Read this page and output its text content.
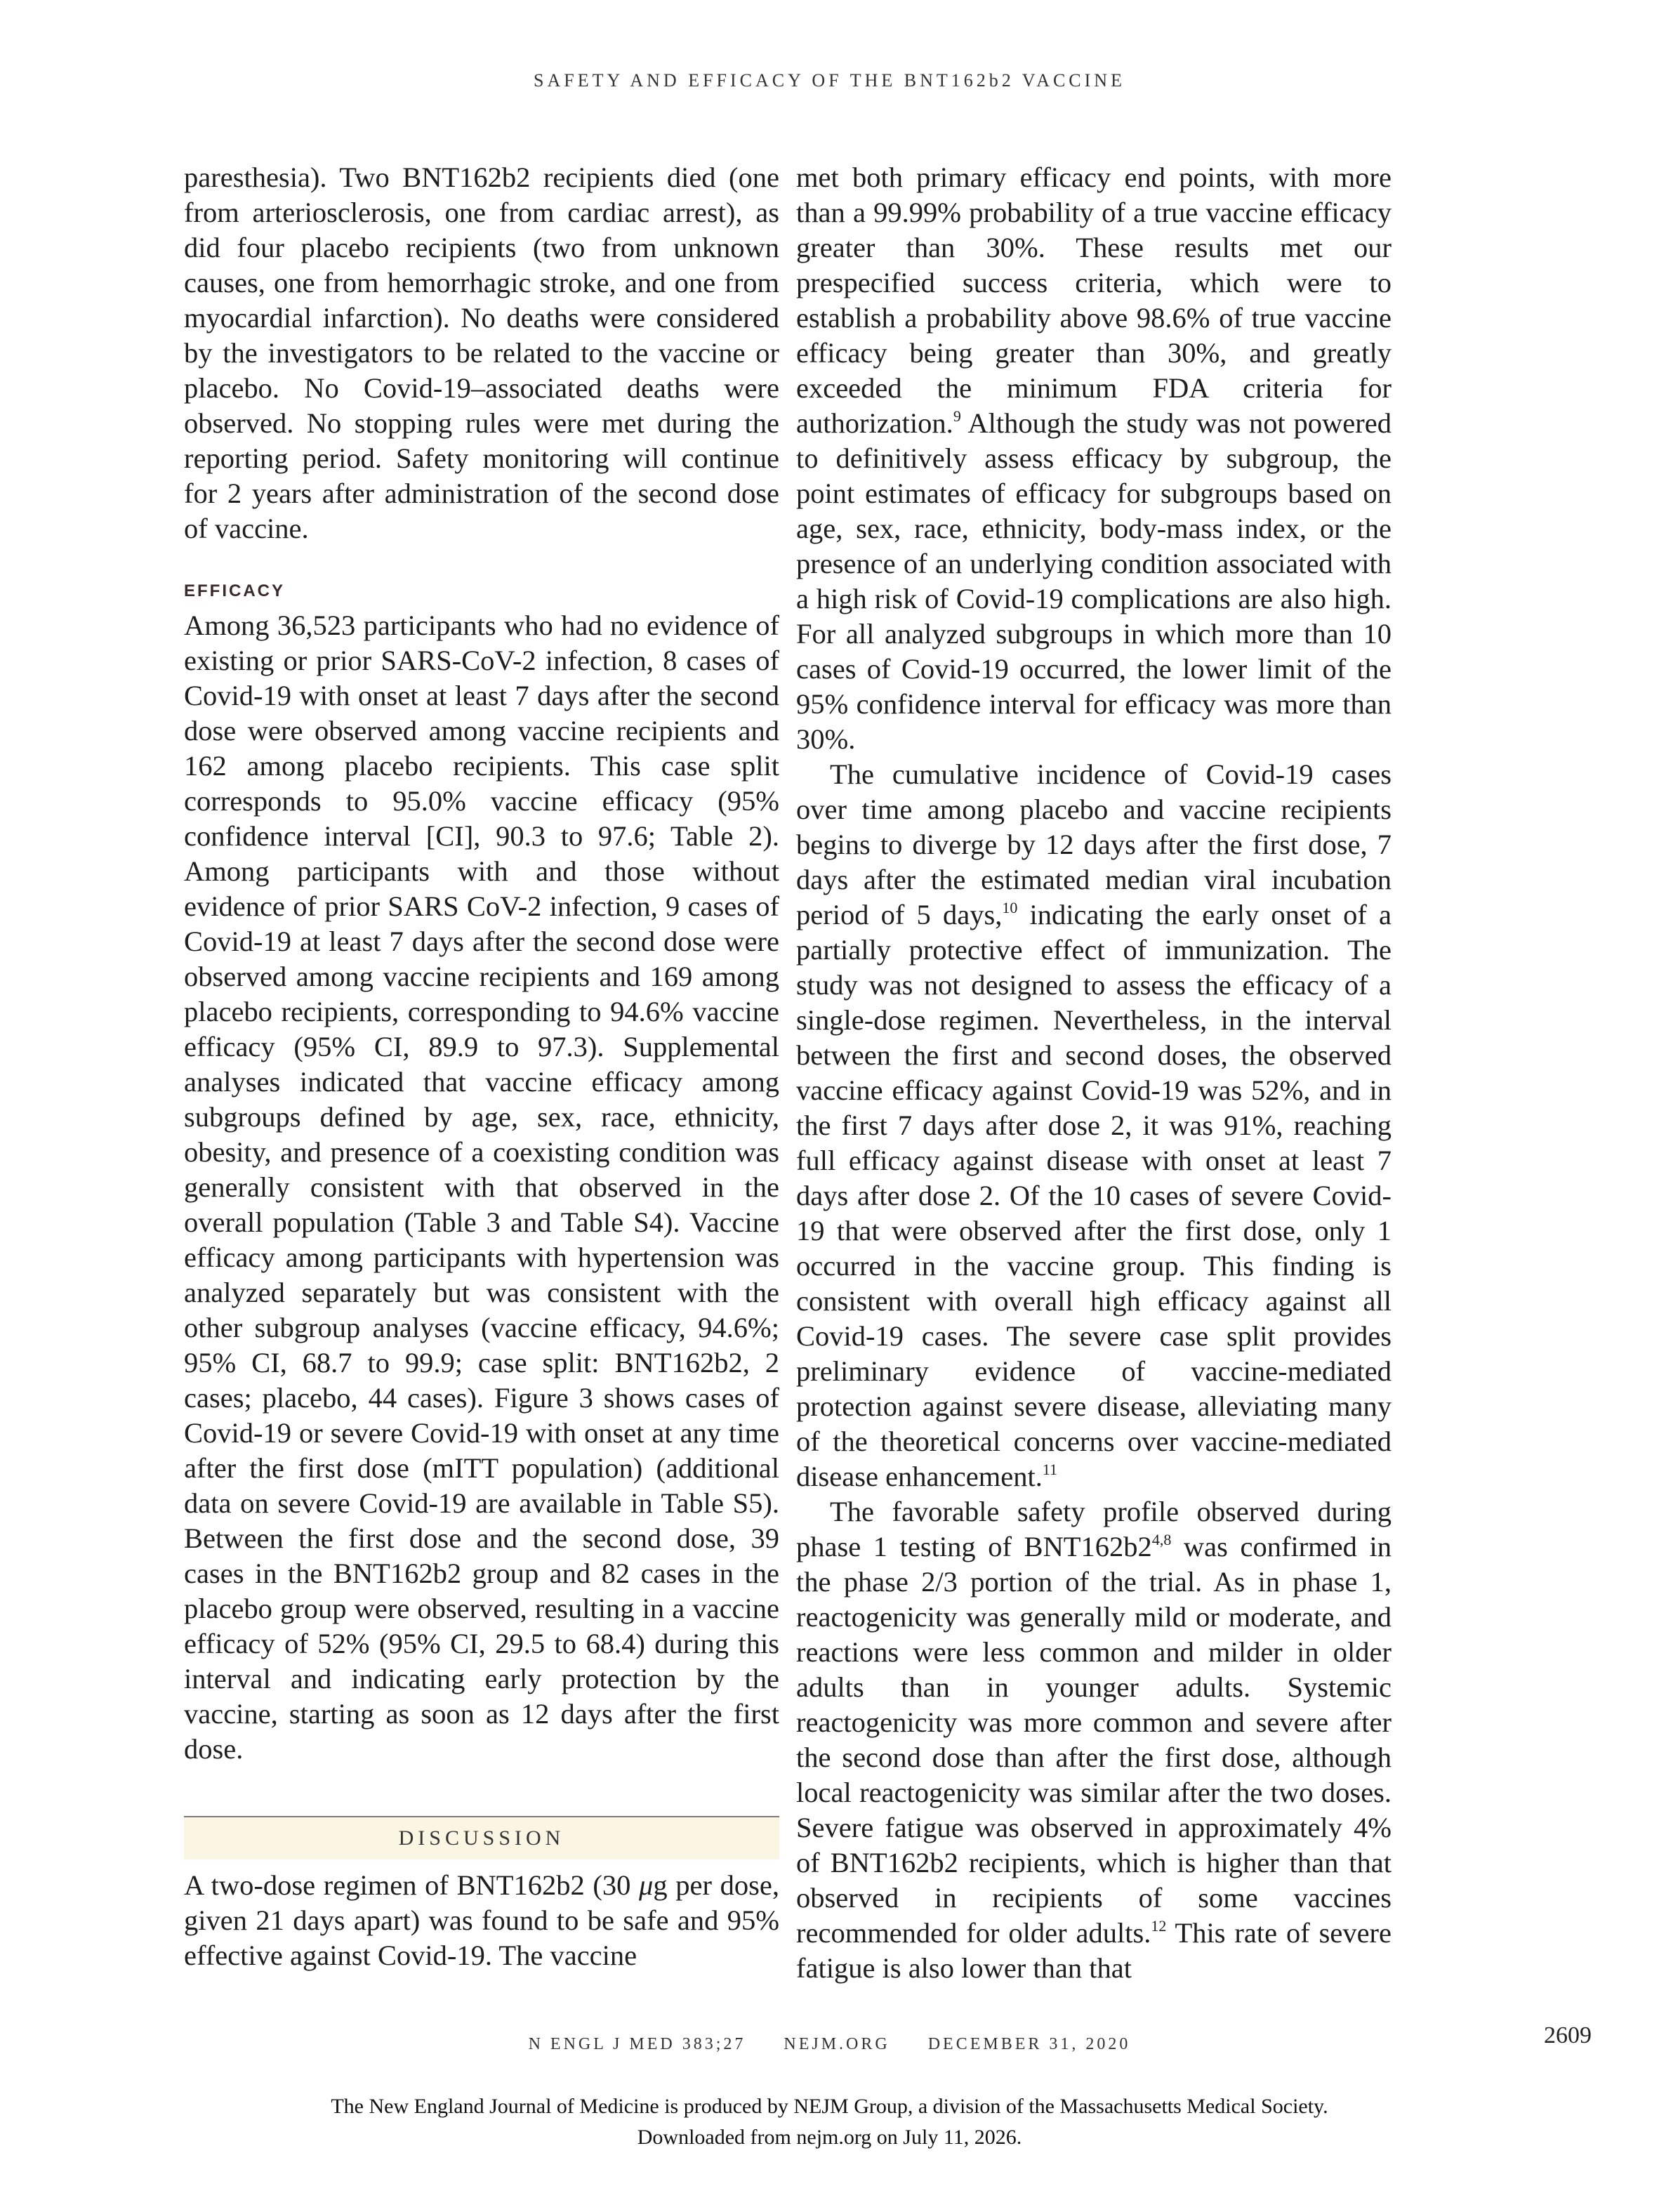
SAFETY AND EFFICACY OF THE BNT162b2 VACCINE

paresthesia). Two BNT162b2 recipients died (one from arteriosclerosis, one from cardiac arrest), as did four placebo recipients (two from unknown causes, one from hemorrhagic stroke, and one from myocardial infarction). No deaths were considered by the investigators to be related to the vaccine or placebo. No Covid-19–associated deaths were observed. No stopping rules were met during the reporting period. Safety monitoring will continue for 2 years after administration of the second dose of vaccine.

EFFICACY

Among 36,523 participants who had no evidence of existing or prior SARS-CoV-2 infection, 8 cases of Covid-19 with onset at least 7 days after the second dose were observed among vaccine recipients and 162 among placebo recipients. This case split corresponds to 95.0% vaccine efficacy (95% confidence interval [CI], 90.3 to 97.6; Table 2). Among participants with and those without evidence of prior SARS CoV-2 infection, 9 cases of Covid-19 at least 7 days after the second dose were observed among vaccine recipients and 169 among placebo recipients, corresponding to 94.6% vaccine efficacy (95% CI, 89.9 to 97.3). Supplemental analyses indicated that vaccine efficacy among subgroups defined by age, sex, race, ethnicity, obesity, and presence of a coexisting condition was generally consistent with that observed in the overall population (Table 3 and Table S4). Vaccine efficacy among participants with hypertension was analyzed separately but was consistent with the other subgroup analyses (vaccine efficacy, 94.6%; 95% CI, 68.7 to 99.9; case split: BNT162b2, 2 cases; placebo, 44 cases). Figure 3 shows cases of Covid-19 or severe Covid-19 with onset at any time after the first dose (mITT population) (additional data on severe Covid-19 are available in Table S5). Between the first dose and the second dose, 39 cases in the BNT162b2 group and 82 cases in the placebo group were observed, resulting in a vaccine efficacy of 52% (95% CI, 29.5 to 68.4) during this interval and indicating early protection by the vaccine, starting as soon as 12 days after the first dose.

DISCUSSION

A two-dose regimen of BNT162b2 (30 μg per dose, given 21 days apart) was found to be safe and 95% effective against Covid-19. The vaccine

met both primary efficacy end points, with more than a 99.99% probability of a true vaccine efficacy greater than 30%. These results met our prespecified success criteria, which were to establish a probability above 98.6% of true vaccine efficacy being greater than 30%, and greatly exceeded the minimum FDA criteria for authorization.$^9$ Although the study was not powered to definitively assess efficacy by subgroup, the point estimates of efficacy for subgroups based on age, sex, race, ethnicity, body-mass index, or the presence of an underlying condition associated with a high risk of Covid-19 complications are also high. For all analyzed subgroups in which more than 10 cases of Covid-19 occurred, the lower limit of the 95% confidence interval for efficacy was more than 30%.

The cumulative incidence of Covid-19 cases over time among placebo and vaccine recipients begins to diverge by 12 days after the first dose, 7 days after the estimated median viral incubation period of 5 days,$^{10}$ indicating the early onset of a partially protective effect of immunization. The study was not designed to assess the efficacy of a single-dose regimen. Nevertheless, in the interval between the first and second doses, the observed vaccine efficacy against Covid-19 was 52%, and in the first 7 days after dose 2, it was 91%, reaching full efficacy against disease with onset at least 7 days after dose 2. Of the 10 cases of severe Covid-19 that were observed after the first dose, only 1 occurred in the vaccine group. This finding is consistent with overall high efficacy against all Covid-19 cases. The severe case split provides preliminary evidence of vaccine-mediated protection against severe disease, alleviating many of the theoretical concerns over vaccine-mediated disease enhancement.$^{11}$

The favorable safety profile observed during phase 1 testing of BNT162b2$^{4,8}$ was confirmed in the phase 2/3 portion of the trial. As in phase 1, reactogenicity was generally mild or moderate, and reactions were less common and milder in older adults than in younger adults. Systemic reactogenicity was more common and severe after the second dose than after the first dose, although local reactogenicity was similar after the two doses. Severe fatigue was observed in approximately 4% of BNT162b2 recipients, which is higher than that observed in recipients of some vaccines recommended for older adults.$^{12}$ This rate of severe fatigue is also lower than that

N ENGL J MED 383;27 NEJM.ORG DECEMBER 31, 2020	2609
The New England Journal of Medicine is produced by NEJM Group, a division of the Massachusetts Medical Society.
Downloaded from nejm.org on July 11, 2026.
